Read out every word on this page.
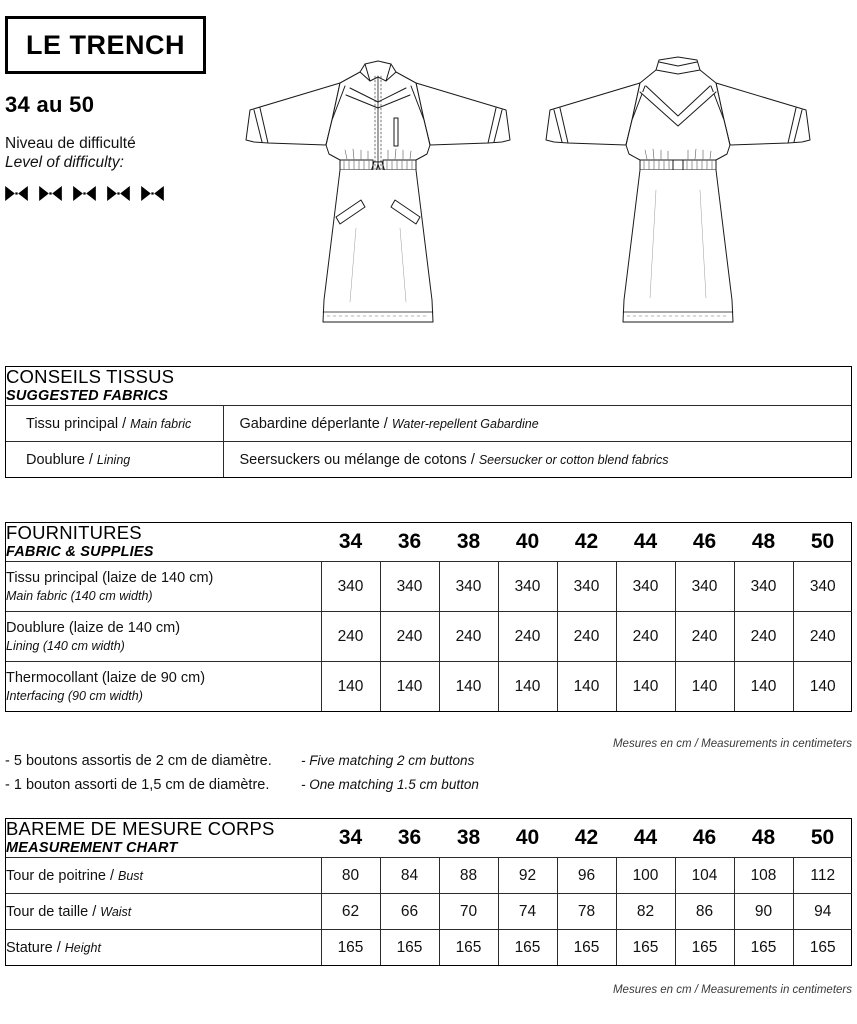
LE TRENCH
34 au 50
Niveau de difficulté
Level of difficulty:
CONSEILS TISSUS
SUGGESTED FABRICS	

Tissu principal / Main fabric	Gabardine déperlante / Water-repellent Gabardine
Doublure / Lining	Seersuckers ou mélange de cotons / Seersucker or cotton blend fabrics
FOURNITURES
FABRIC & SUPPLIES	34	36	38	40	42	44	46	48	50

Tissu principal (laize de 140 cm)
Main fabric (140 cm width)	340	340	340	340	340	340	340	340	340

Doublure (laize de 140 cm)
Lining (140 cm width)	240	240	240	240	240	240	240	240	240

Thermocollant (laize de 90 cm)
Interfacing (90 cm width)	140	140	140	140	140	140	140	140	140
- 5 boutons assortis de 2 cm de diamètre.	- Five matching 2 cm buttons
- 1 bouton assorti de 1,5 cm de diamètre.	- One matching 1.5 cm button
Mesures en cm / Measurements in centimeters
BAREME DE MESURE CORPS
MEASUREMENT CHART	34	36	38	40	42	44	46	48	50
Tour de poitrine / Bust	80	84	88	92	96	100	104	108	112
Tour de taille / Waist	62	66	70	74	78	82	86	90	94
Stature / Height	165	165	165	165	165	165	165	165	165
Mesures en cm / Measurements in centimeters
